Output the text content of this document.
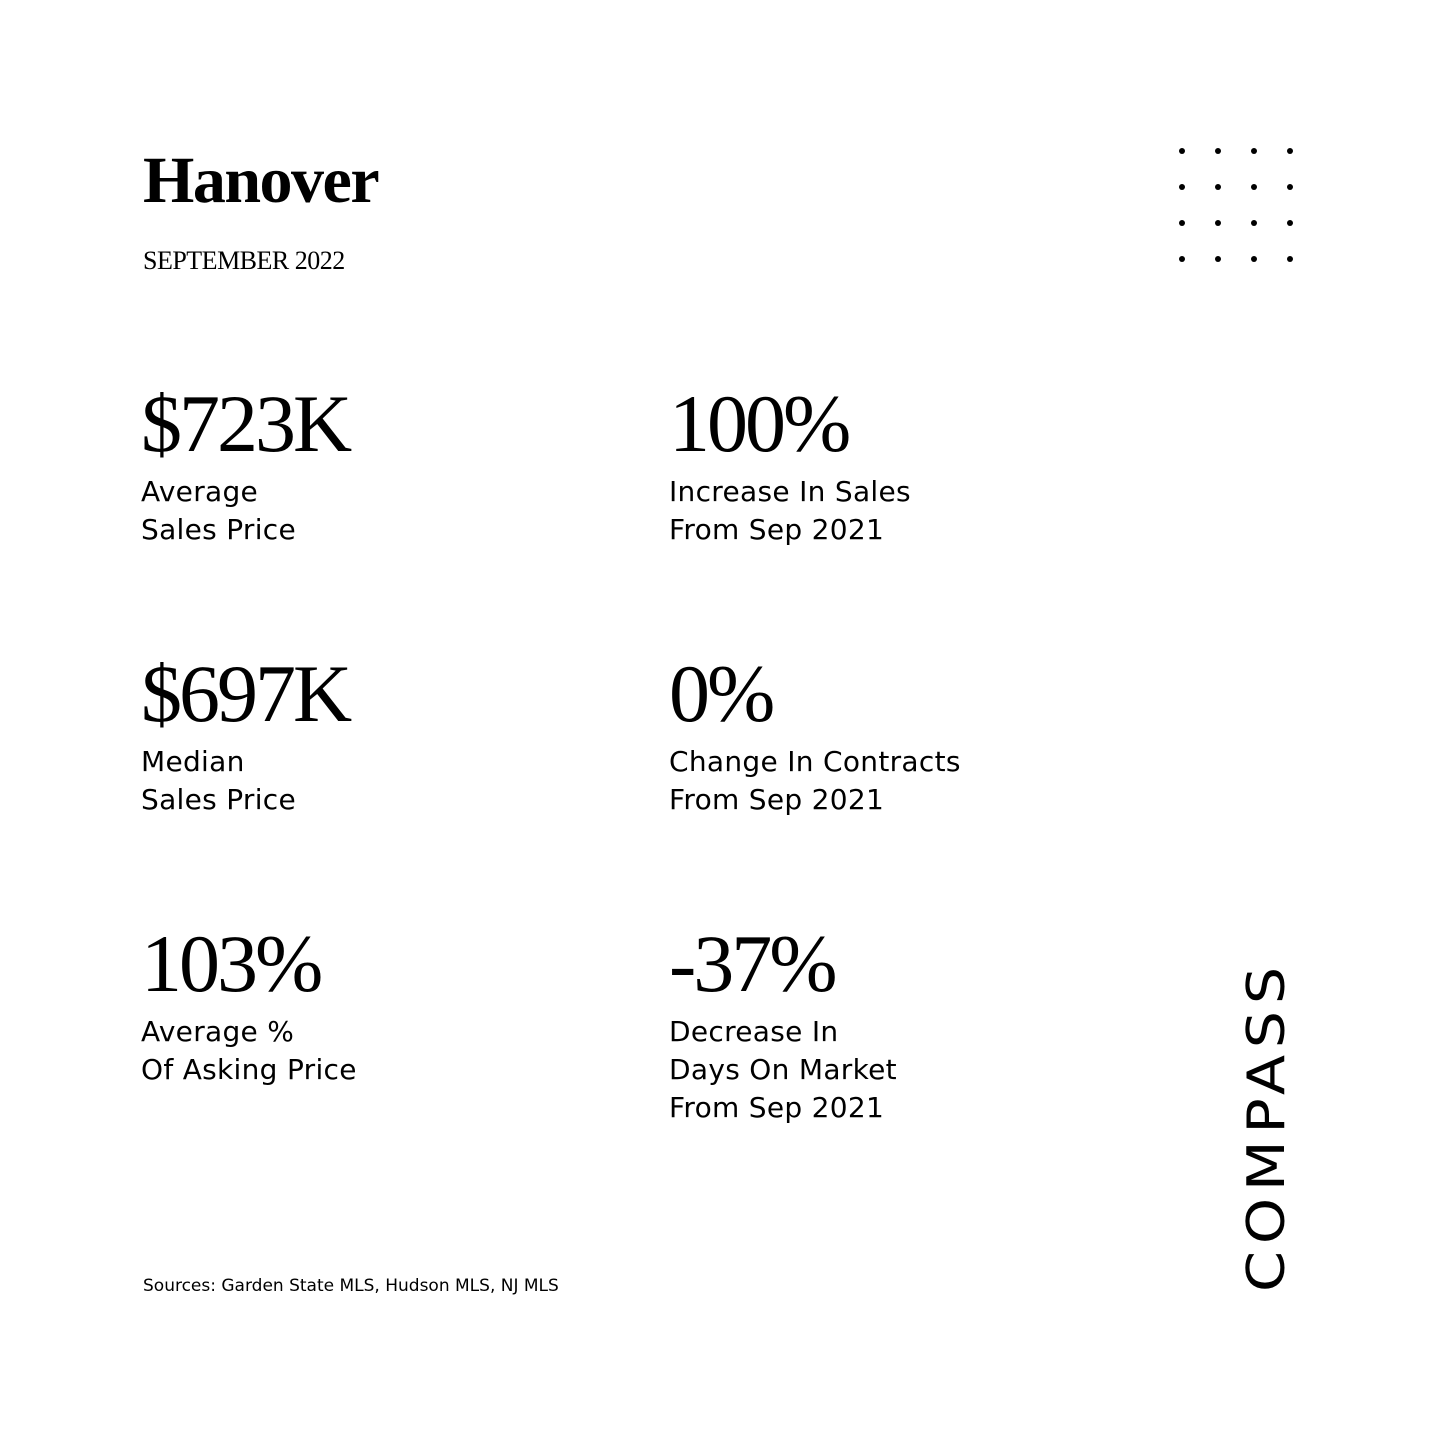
Hanover
SEPTEMBER 2022
$723K
Average
Sales Price
100%
Increase In Sales
From Sep 2021
$697K
Median
Sales Price
0%
Change In Contracts
From Sep 2021
103%
Average %
Of Asking Price
-37%
Decrease In
Days On Market
From Sep 2021
Sources: Garden State MLS, Hudson MLS, NJ MLS	COMPASS
